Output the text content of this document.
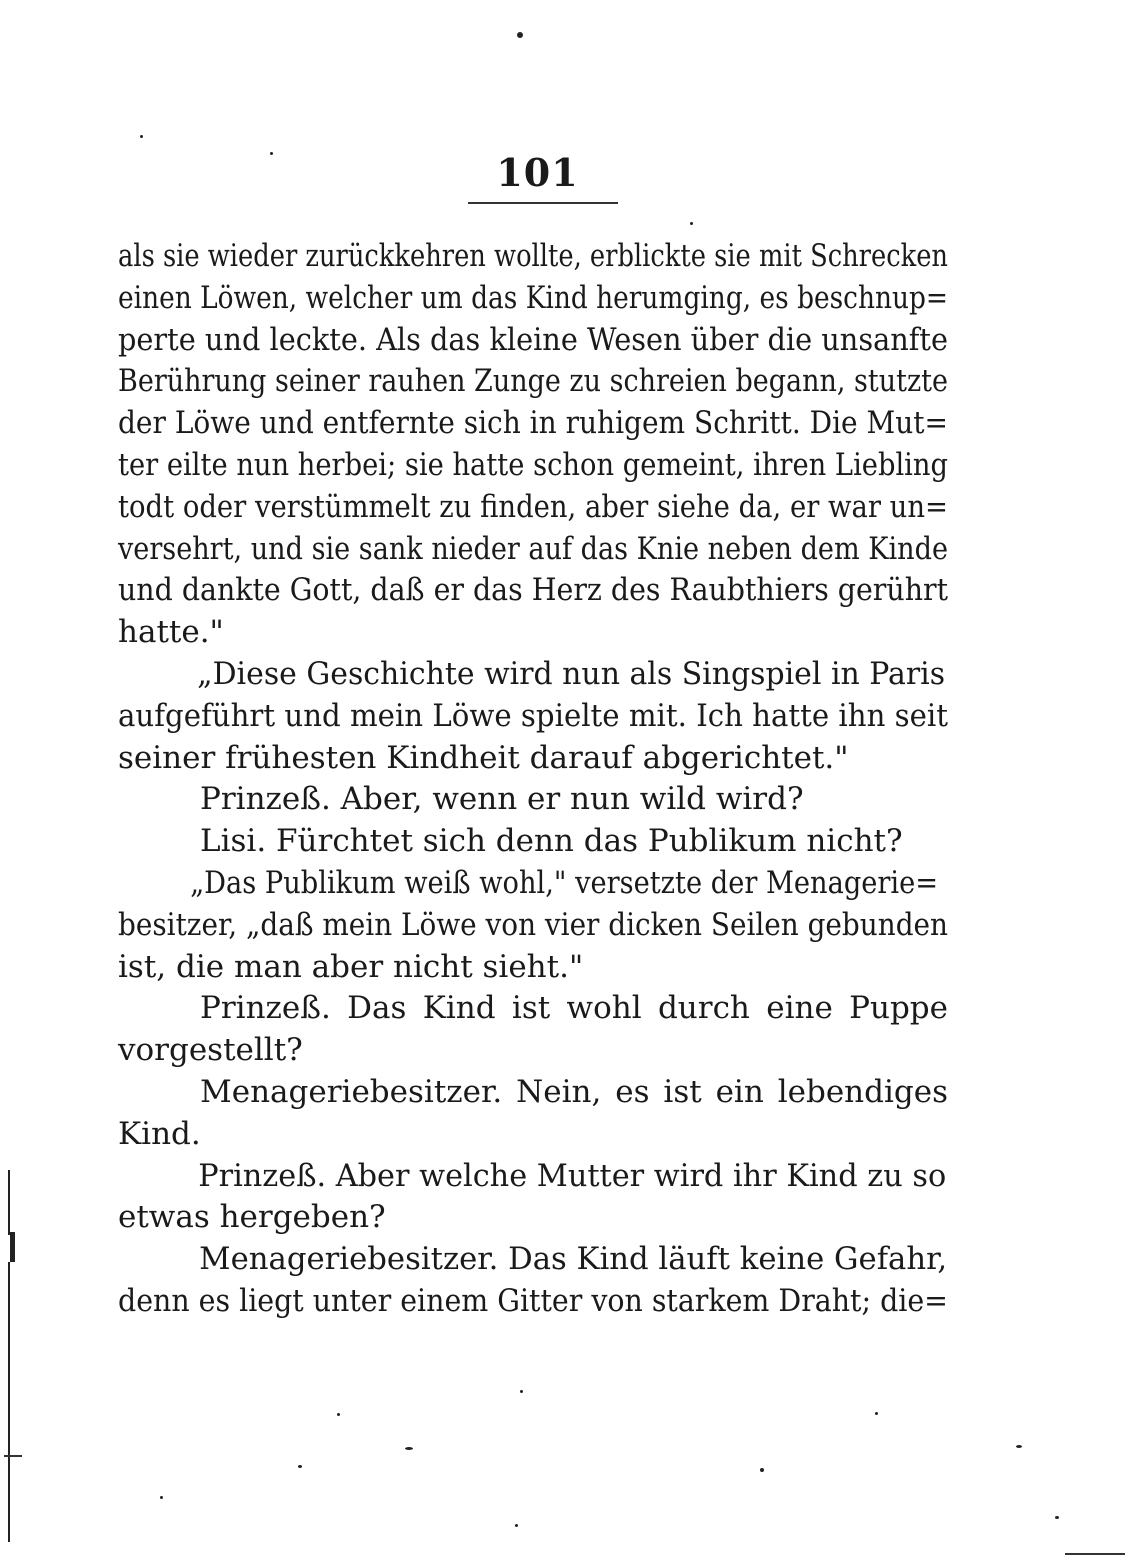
101
als sie wieder zurückkehren wollte, erblickte sie mit Schrecken
einen Löwen, welcher um das Kind herumging, es beschnup=
perte und leckte. Als das kleine Wesen über die unsanfte
Berührung seiner rauhen Zunge zu schreien begann, stutzte
der Löwe und entfernte sich in ruhigem Schritt. Die Mut=
ter eilte nun herbei; sie hatte schon gemeint, ihren Liebling
todt oder verstümmelt zu finden, aber siehe da, er war un=
versehrt, und sie sank nieder auf das Knie neben dem Kinde
und dankte Gott, daß er das Herz des Raubthiers gerührt
hatte."
„Diese Geschichte wird nun als Singspiel in Paris
aufgeführt und mein Löwe spielte mit. Ich hatte ihn seit
seiner frühesten Kindheit darauf abgerichtet."
Prinzeß. Aber, wenn er nun wild wird?
Lisi. Fürchtet sich denn das Publikum nicht?
„Das Publikum weiß wohl," versetzte der Menagerie=
besitzer, „daß mein Löwe von vier dicken Seilen gebunden
ist, die man aber nicht sieht."
Prinzeß. Das Kind ist wohl durch eine Puppe
vorgestellt?
Menageriebesitzer. Nein, es ist ein lebendiges
Kind.
Prinzeß. Aber welche Mutter wird ihr Kind zu so
etwas hergeben?
Menageriebesitzer. Das Kind läuft keine Gefahr,
denn es liegt unter einem Gitter von starkem Draht; die=
